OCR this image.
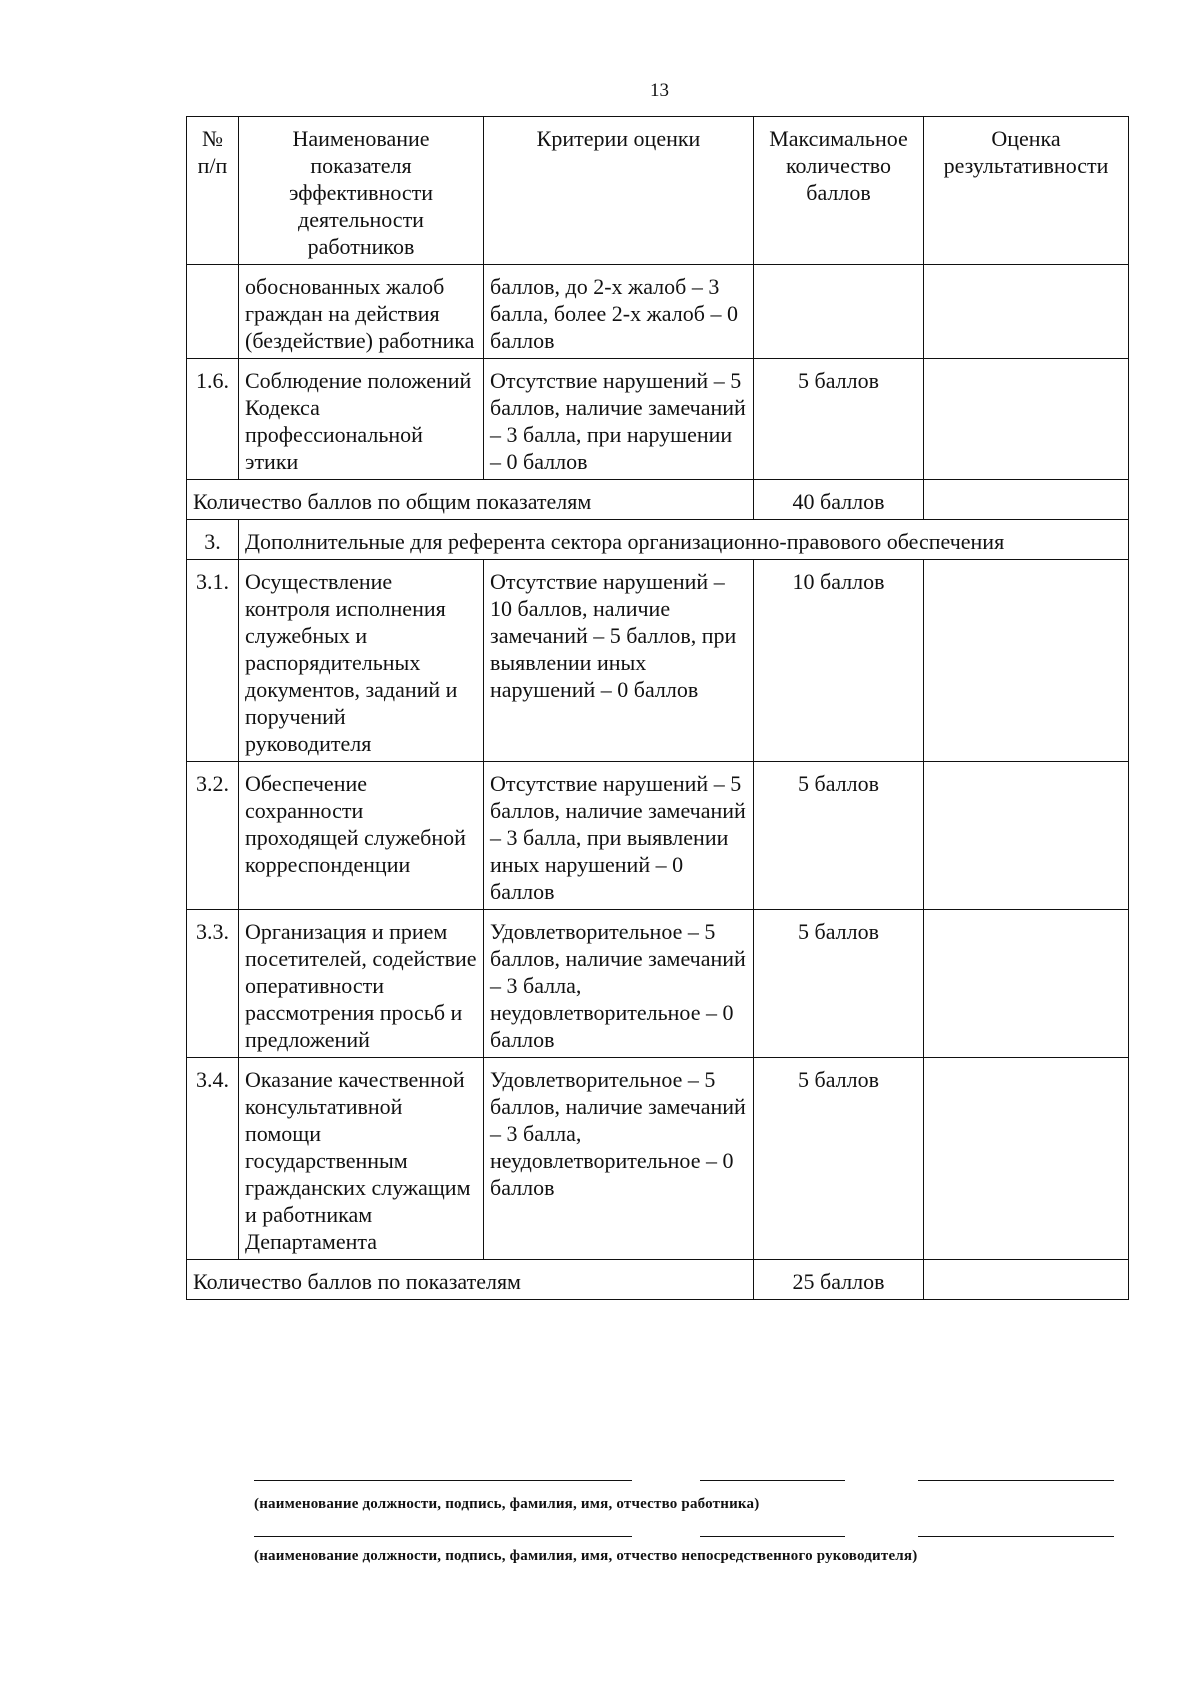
13
№ п/п	Наименование показателя эффективности деятельности работников	Критерии оценки	Максимальное количество баллов	Оценка результативности
	обоснованных жалоб граждан на действия (бездействие) работника	баллов, до 2-х жалоб – 3 балла, более 2-х жалоб – 0 баллов		
1.6.	Соблюдение положений Кодекса профессиональной этики	Отсутствие нарушений – 5 баллов, наличие замечаний – 3 балла, при нарушении – 0 баллов	5 баллов	
Количество баллов по общим показателям			40 баллов	
3.	Дополнительные для референта сектора организационно-правового обеспечения			
3.1.	Осуществление контроля исполнения служебных и распорядительных документов, заданий и поручений руководителя	Отсутствие нарушений – 10 баллов, наличие замечаний – 5 баллов, при выявлении иных нарушений – 0 баллов	10 баллов	
3.2.	Обеспечение сохранности проходящей служебной корреспонденции	Отсутствие нарушений – 5 баллов, наличие замечаний – 3 балла, при выявлении иных нарушений – 0 баллов	5 баллов	
3.3.	Организация и прием посетителей, содействие оперативности рассмотрения просьб и предложений	Удовлетворительное – 5 баллов, наличие замечаний – 3 балла, неудовлетворительное – 0 баллов	5 баллов	
3.4.	Оказание качественной консультативной помощи государственным гражданских служащим и работникам Департамента	Удовлетворительное – 5 баллов, наличие замечаний – 3 балла, неудовлетворительное – 0 баллов	5 баллов	
Количество баллов по показателям			25 баллов	
(наименование должности, подпись, фамилия, имя, отчество работника)
(наименование должности, подпись, фамилия, имя, отчество непосредственного руководителя)
